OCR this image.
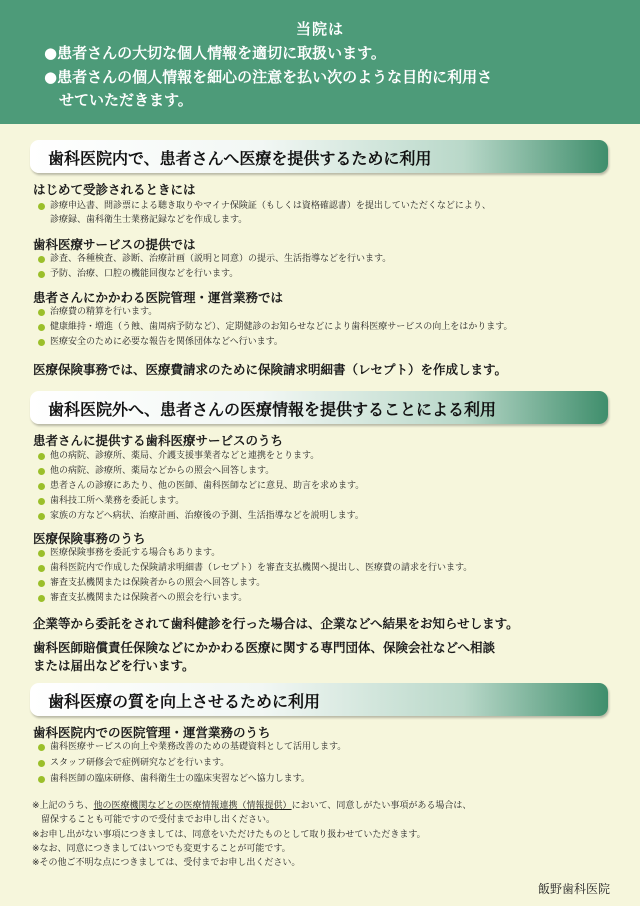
当院は
●患者さんの大切な個人情報を適切に取扱います。
●患者さんの個人情報を細心の注意を払い次のような目的に利用さ
　せていただきます。
歯科医院内で、患者さんへ医療を提供するために利用
はじめて受診されるときには
診療申込書、問診票による聴き取りやマイナ保険証（もしくは資格確認書）を提出していただくなどにより、
診療録、歯科衛生士業務記録などを作成します。
歯科医療サービスの提供では
診査、各種検査、診断、治療計画（説明と同意）の提示、生活指導などを行います。
予防、治療、口腔の機能回復などを行います。
患者さんにかかわる医院管理・運営業務では
治療費の精算を行います。
健康維持・増進（う蝕、歯周病予防など）、定期健診のお知らせなどにより歯科医療サービスの向上をはかります。
医療安全のために必要な報告を関係団体などへ行います。
医療保険事務では、医療費請求のために保険請求明細書（レセプト）を作成します。
歯科医院外へ、患者さんの医療情報を提供することによる利用
患者さんに提供する歯科医療サービスのうち
他の病院、診療所、薬局、介護支援事業者などと連携をとります。
他の病院、診療所、薬局などからの照会へ回答します。
患者さんの診療にあたり、他の医師、歯科医師などに意見、助言を求めます。
歯科技工所へ業務を委託します。
家族の方などへ病状、治療計画、治療後の予測、生活指導などを説明します。
医療保険事務のうち
医療保険事務を委託する場合もあります。
歯科医院内で作成した保険請求明細書（レセプト）を審査支払機関へ提出し、医療費の請求を行います。
審査支払機関または保険者からの照会へ回答します。
審査支払機関または保険者への照会を行います。
企業等から委託をされて歯科健診を行った場合は、企業などへ結果をお知らせします。
歯科医師賠償責任保険などにかかわる医療に関する専門団体、保険会社などへ相談
または届出などを行います。
歯科医療の質を向上させるために利用
歯科医院内での医院管理・運営業務のうち
歯科医療サービスの向上や業務改善のための基礎資料として活用します。
スタッフ研修会で症例研究などを行います。
歯科医師の臨床研修、歯科衛生士の臨床実習などへ協力します。
※上記のうち、他の医療機関などとの医療情報連携（情報提供）において、同意しがたい事項がある場合は、
　留保することも可能ですので受付までお申し出ください。
※お申し出がない事項につきましては、同意をいただけたものとして取り扱わせていただきます。
※なお、同意につきましてはいつでも変更することが可能です。
※その他ご不明な点につきましては、受付までお申し出ください。
飯野歯科医院
